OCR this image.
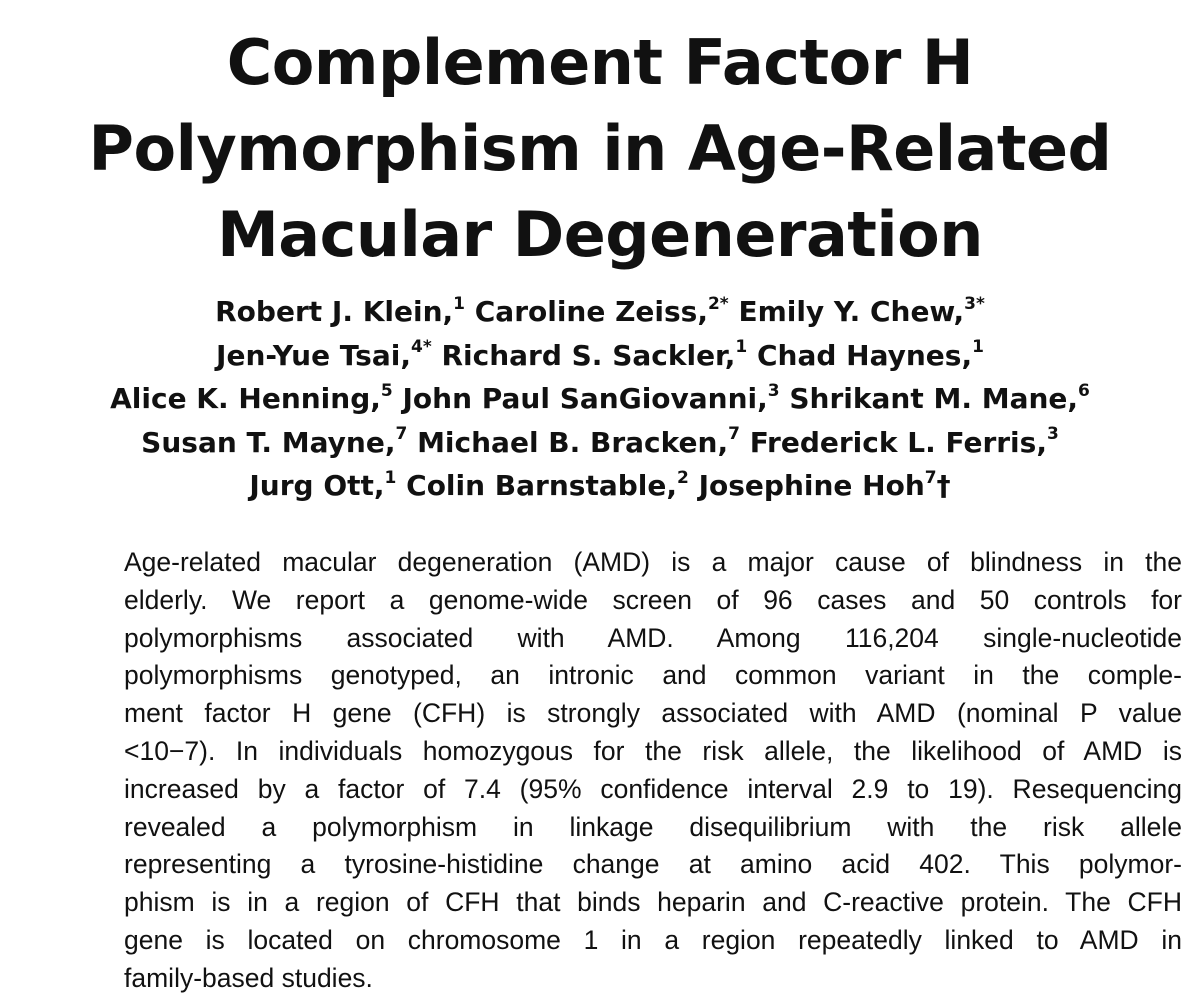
Complement Factor H
Polymorphism in Age-Related
Macular Degeneration
Robert J. Klein,$^1$ Caroline Zeiss,$^{2*}$ Emily Y. Chew,$^{3*}$
Jen-Yue Tsai,$^{4*}$ Richard S. Sackler,$^1$ Chad Haynes,$^1$
Alice K. Henning,$^5$ John Paul SanGiovanni,$^3$ Shrikant M. Mane,$^6$
Susan T. Mayne,$^7$ Michael B. Bracken,$^7$ Frederick L. Ferris,$^3$
Jurg Ott,$^1$ Colin Barnstable,$^2$ Josephine Hoh$^7$†
Age-related macular degeneration (AMD) is a major cause of blindness in the
elderly. We report a genome-wide screen of 96 cases and 50 controls for
polymorphisms associated with AMD. Among 116,204 single-nucleotide
polymorphisms genotyped, an intronic and common variant in the comple-
ment factor H gene (CFH) is strongly associated with AMD (nominal P value
<10−7). In individuals homozygous for the risk allele, the likelihood of AMD is
increased by a factor of 7.4 (95% confidence interval 2.9 to 19). Resequencing
revealed a polymorphism in linkage disequilibrium with the risk allele
representing a tyrosine-histidine change at amino acid 402. This polymor-
phism is in a region of CFH that binds heparin and C-reactive protein. The CFH
gene is located on chromosome 1 in a region repeatedly linked to AMD in
family-based studies.
